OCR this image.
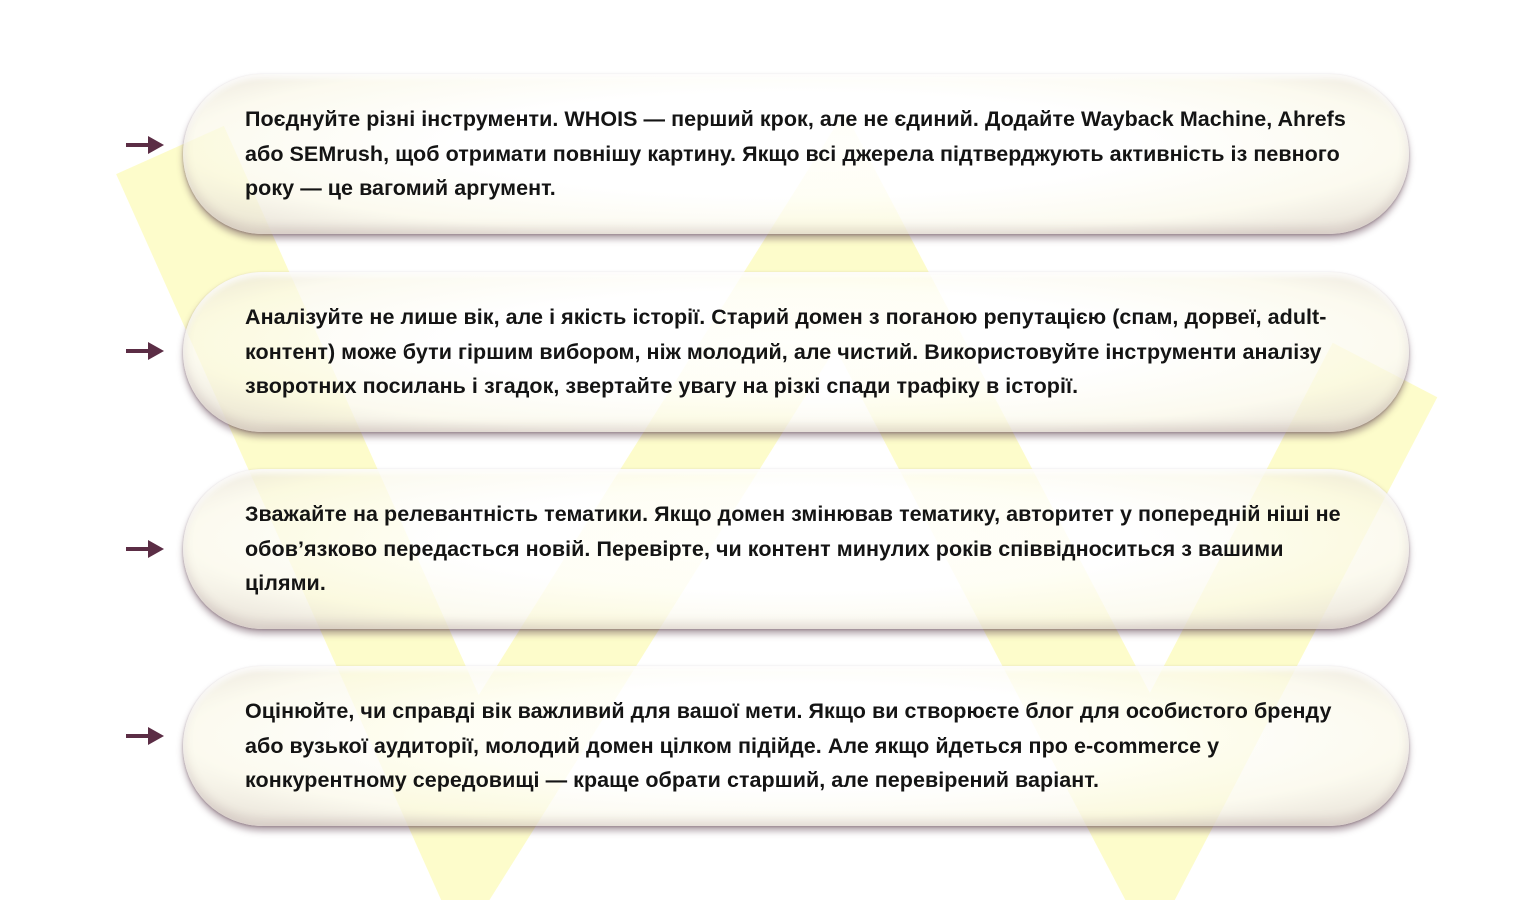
Поєднуйте різні інструменти. WHOIS — перший крок, але не єдиний. Додайте Wayback Machine, Ahrefs або SEMrush, щоб отримати повнішу картину. Якщо всі джерела підтверджують активність із певного року — це вагомий аргумент.

Аналізуйте не лише вік, але і якість історії. Старий домен з поганою репутацією (спам, дорвеї, adult-контент) може бути гіршим вибором, ніж молодий, але чистий. Використовуйте інструменти аналізу зворотних посилань і згадок, звертайте увагу на різкі спади трафіку в історії.

Зважайте на релевантність тематики. Якщо домен змінював тематику, авторитет у попередній ніші не обов’язково передасться новій. Перевірте, чи контент минулих років співвідноситься з вашими цілями.

Оцінюйте, чи справді вік важливий для вашої мети. Якщо ви створюєте блог для особистого бренду або вузької аудиторії, молодий домен цілком підійде. Але якщо йдеться про e-commerce у конкурентному середовищі — краще обрати старший, але перевірений варіант.
